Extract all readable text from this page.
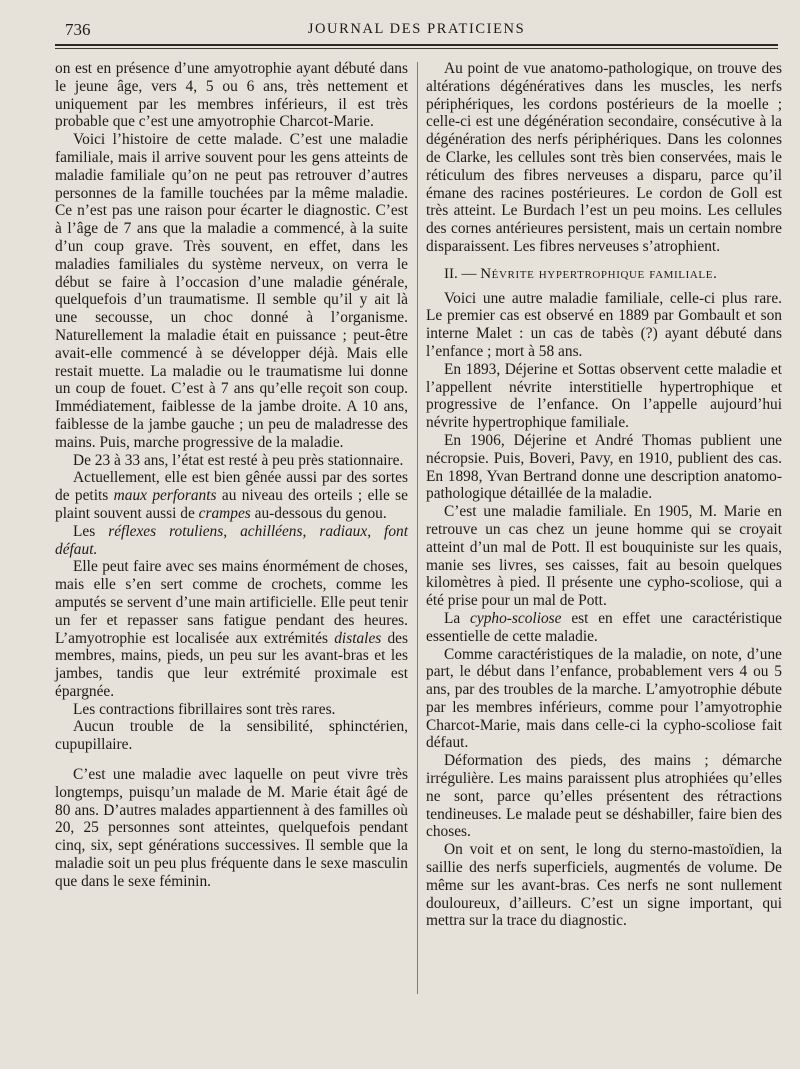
736	JOURNAL DES PRATICIENS

on est en présence d’une amyotrophie ayant débuté dans le jeune âge, vers 4, 5 ou 6 ans, très nettement et uniquement par les membres inférieurs, il est très probable que c’est une amyotrophie Charcot-Marie.

Voici l’histoire de cette malade. C’est une maladie familiale, mais il arrive souvent pour les gens atteints de maladie familiale qu’on ne peut pas retrouver d’autres personnes de la famille touchées par la même maladie. Ce n’est pas une raison pour écarter le diagnostic. C’est à l’âge de 7 ans que la maladie a commencé, à la suite d’un coup grave. Très souvent, en effet, dans les maladies familiales du système nerveux, on verra le début se faire à l’occasion d’une maladie générale, quelquefois d’un traumatisme. Il semble qu’il y ait là une secousse, un choc donné à l’organisme. Naturellement la maladie était en puissance ; peut-être avait-elle commencé à se développer déjà. Mais elle restait muette. La maladie ou le traumatisme lui donne un coup de fouet. C’est à 7 ans qu’elle reçoit son coup. Immédiatement, faiblesse de la jambe droite. A 10 ans, faiblesse de la jambe gauche ; un peu de maladresse des mains. Puis, marche progressive de la maladie.

De 23 à 33 ans, l’état est resté à peu près stationnaire.

Actuellement, elle est bien gênée aussi par des sortes de petits maux perforants au niveau des orteils ; elle se plaint souvent aussi de crampes au-dessous du genou.

Les réflexes rotuliens, achilléens, radiaux, font défaut.

Elle peut faire avec ses mains énormément de choses, mais elle s’en sert comme de crochets, comme les amputés se servent d’une main artificielle. Elle peut tenir un fer et repasser sans fatigue pendant des heures. L’amyotrophie est localisée aux extrémités distales des membres, mains, pieds, un peu sur les avant-bras et les jambes, tandis que leur extrémité proximale est épargnée.

Les contractions fibrillaires sont très rares.

Aucun trouble de la sensibilité, sphinctérien, cupupillaire.

C’est une maladie avec laquelle on peut vivre très longtemps, puisqu’un malade de M. Marie était âgé de 80 ans. D’autres malades appartiennent à des familles où 20, 25 personnes sont atteintes, quelquefois pendant cinq, six, sept générations successives. Il semble que la maladie soit un peu plus fréquente dans le sexe masculin que dans le sexe féminin.

Au point de vue anatomo-pathologique, on trouve des altérations dégénératives dans les muscles, les nerfs périphériques, les cordons postérieurs de la moelle ; celle-ci est une dégénération secondaire, consécutive à la dégénération des nerfs périphériques. Dans les colonnes de Clarke, les cellules sont très bien conservées, mais le réticulum des fibres nerveuses a disparu, parce qu’il émane des racines postérieures. Le cordon de Goll est très atteint. Le Burdach l’est un peu moins. Les cellules des cornes antérieures persistent, mais un certain nombre disparaissent. Les fibres nerveuses s’atrophient.

II. — Névrite hypertrophique familiale.

Voici une autre maladie familiale, celle-ci plus rare. Le premier cas est observé en 1889 par Gombault et son interne Malet : un cas de tabès (?) ayant débuté dans l’enfance ; mort à 58 ans.

En 1893, Déjerine et Sottas observent cette maladie et l’appellent névrite interstitielle hypertrophique et progressive de l’enfance. On l’appelle aujourd’hui névrite hypertrophique familiale.

En 1906, Déjerine et André Thomas publient une nécropsie. Puis, Boveri, Pavy, en 1910, publient des cas. En 1898, Yvan Bertrand donne une description anatomo-pathologique détaillée de la maladie.

C’est une maladie familiale. En 1905, M. Marie en retrouve un cas chez un jeune homme qui se croyait atteint d’un mal de Pott. Il est bouquiniste sur les quais, manie ses livres, ses caisses, fait au besoin quelques kilomètres à pied. Il présente une cypho-scoliose, qui a été prise pour un mal de Pott.

La cypho-scoliose est en effet une caractéristique essentielle de cette maladie.

Comme caractéristiques de la maladie, on note, d’une part, le début dans l’enfance, probablement vers 4 ou 5 ans, par des troubles de la marche. L’amyotrophie débute par les membres inférieurs, comme pour l’amyotrophie Charcot-Marie, mais dans celle-ci la cypho-scoliose fait défaut.

Déformation des pieds, des mains ; démarche irrégulière. Les mains paraissent plus atrophiées qu’elles ne sont, parce qu’elles présentent des rétractions tendineuses. Le malade peut se déshabiller, faire bien des choses.

On voit et on sent, le long du sterno-mastoïdien, la saillie des nerfs superficiels, augmentés de volume. De même sur les avant-bras. Ces nerfs ne sont nullement douloureux, d’ailleurs. C’est un signe important, qui mettra sur la trace du diagnostic.
